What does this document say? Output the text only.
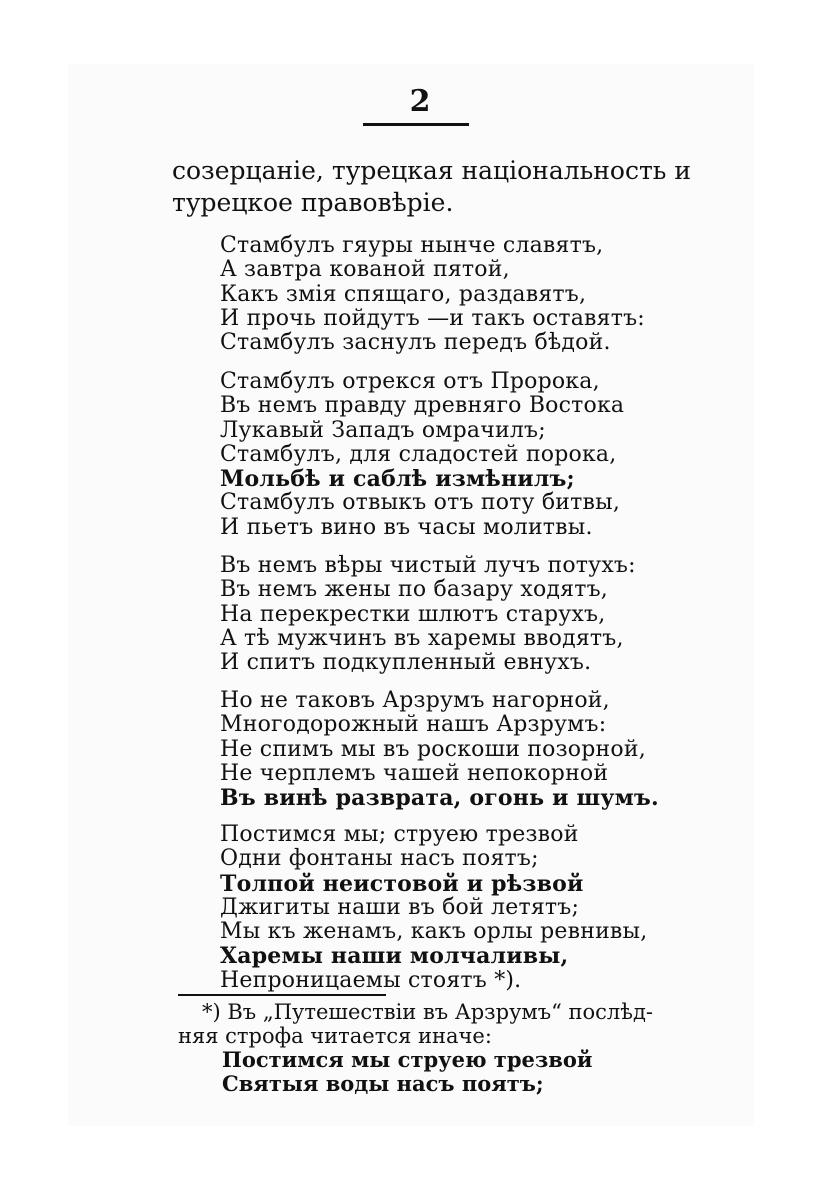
2
созерцаніе, турецкая національность и
турецкое правовѣріе.
Стамбулъ гяуры нынче славятъ,
А завтра кованой пятой,
Какъ змія спящаго, раздавятъ,
И прочь пойдутъ —и такъ оставятъ:
Стамбулъ заснулъ передъ бѣдой.
Стамбулъ отрекся отъ Пророка,
Въ немъ правду древняго Востока
Лукавый Западъ омрачилъ;
Стамбулъ, для сладостей порока,
Мольбѣ и саблѣ измѣнилъ;
Стамбулъ отвыкъ отъ поту битвы,
И пьетъ вино въ часы молитвы.
Въ немъ вѣры чистый лучъ потухъ:
Въ немъ жены по базару ходятъ,
На перекрестки шлютъ старухъ,
А тѣ мужчинъ въ харемы вводятъ,
И спитъ подкупленный евнухъ.
Но не таковъ Арзрумъ нагорной,
Многодорожный нашъ Арзрумъ:
Не спимъ мы въ роскоши позорной,
Не черплемъ чашей непокорной
Въ винѣ разврата, огонь и шумъ.
Постимся мы; струею трезвой
Одни фонтаны насъ поятъ;
Толпой неистовой и рѣзвой
Джигиты наши въ бой летятъ;
Мы къ женамъ, какъ орлы ревнивы,
Харемы наши молчаливы,
Непроницаемы стоятъ *).
*) Въ „Путешествіи въ Арзрумъ“ послѣд-
няя строфа читается иначе:
Постимся мы струею трезвой
Святыя воды насъ поятъ;
